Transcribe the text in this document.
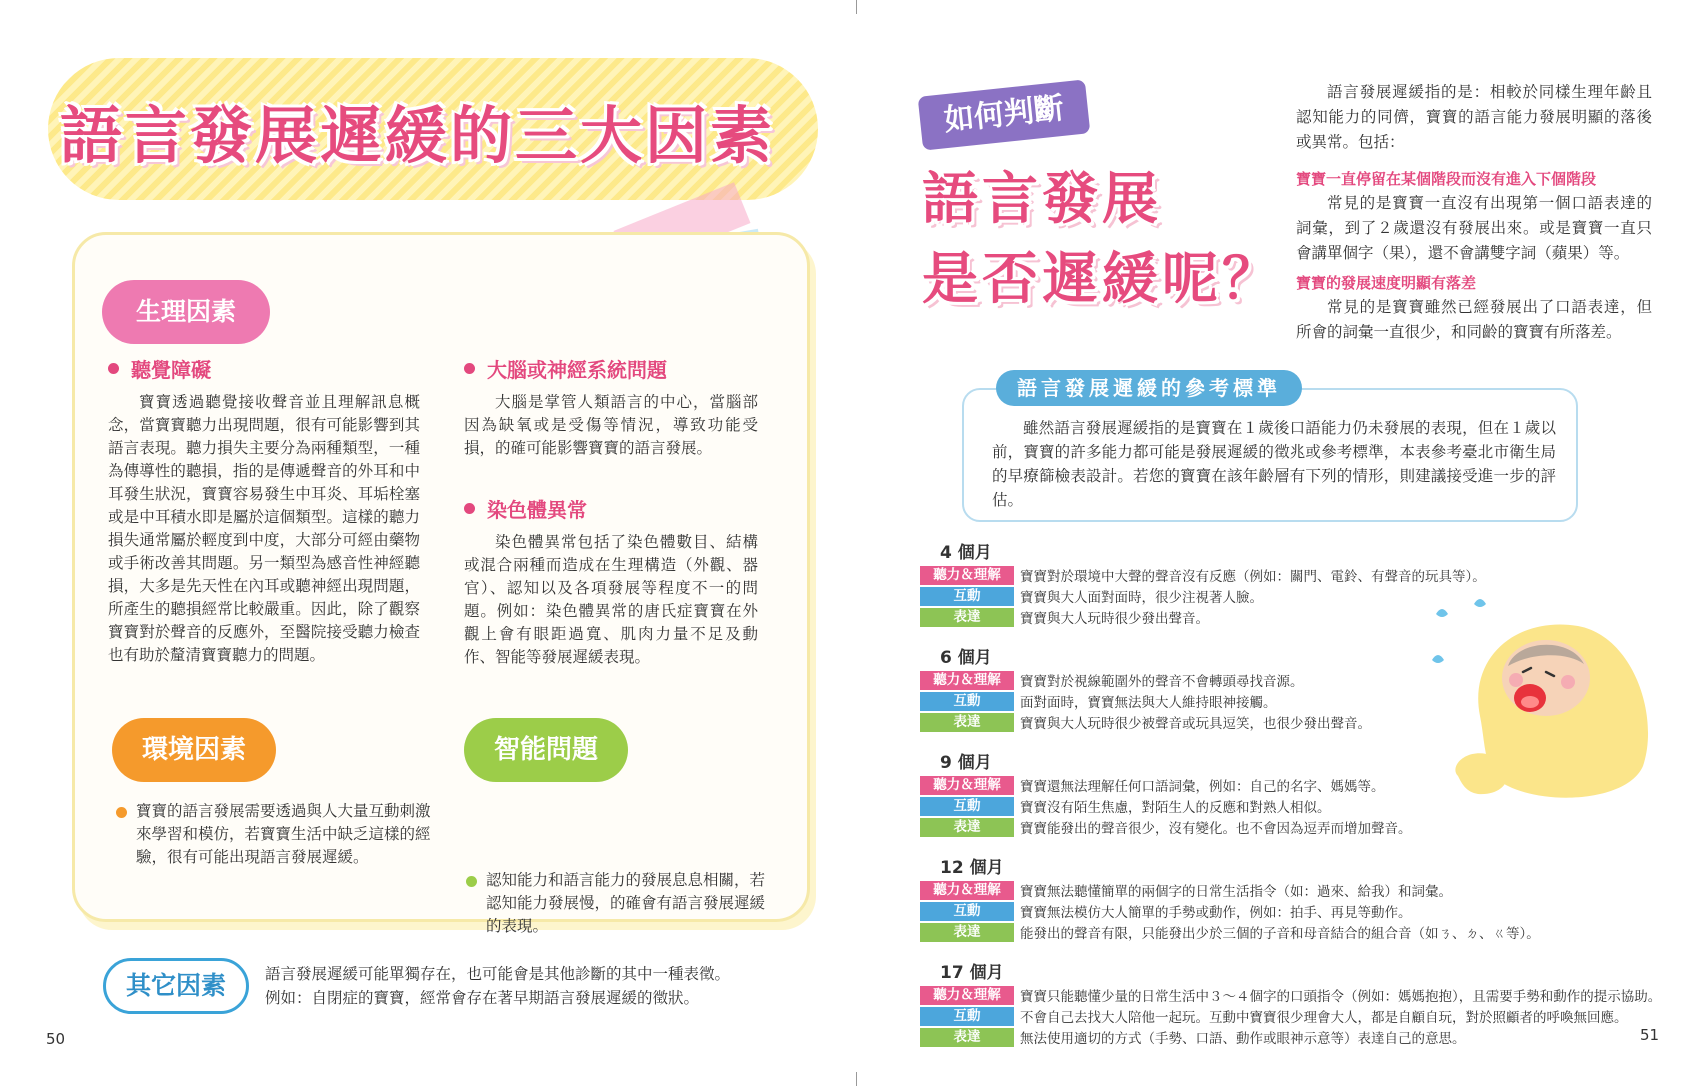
語言發展遲緩的三大因素
生理因素
聽覺障礙
寶寶透過聽覺接收聲音並且理解訊息概念，當寶寶聽力出現問題，很有可能影響到其語言表現。聽力損失主要分為兩種類型，一種為傳導性的聽損，指的是傳遞聲音的外耳和中耳發生狀況，寶寶容易發生中耳炎、耳垢栓塞或是中耳積水即是屬於這個類型。這樣的聽力損失通常屬於輕度到中度，大部分可經由藥物或手術改善其問題。另一類型為感音性神經聽損，大多是先天性在內耳或聽神經出現問題，所產生的聽損經常比較嚴重。因此，除了觀察寶寶對於聲音的反應外，至醫院接受聽力檢查也有助於釐清寶寶聽力的問題。
大腦或神經系統問題
大腦是掌管人類語言的中心，當腦部因為缺氧或是受傷等情況，導致功能受損，的確可能影響寶寶的語言發展。
染色體異常
染色體異常包括了染色體數目、結構或混合兩種而造成在生理構造（外觀、器官）、認知以及各項發展等程度不一的問題。例如：染色體異常的唐氏症寶寶在外觀上會有眼距過寬、肌肉力量不足及動作、智能等發展遲緩表現。
環境因素	智能問題
寶寶的語言發展需要透過與人大量互動刺激來學習和模仿，若寶寶生活中缺乏這樣的經驗，很有可能出現語言發展遲緩。
認知能力和語言能力的發展息息相關，若認知能力發展慢，的確會有語言發展遲緩的表現。
其它因素	語言發展遲緩可能單獨存在，也可能會是其他診斷的其中一種表徵。
例如：自閉症的寶寶，經常會存在著早期語言發展遲緩的徵狀。
50
如何判斷
語言發展
是否遲緩呢？
語言發展遲緩指的是：相較於同樣生理年齡且認知能力的同儕，寶寶的語言能力發展明顯的落後或異常。包括：
寶寶一直停留在某個階段而沒有進入下個階段
常見的是寶寶一直沒有出現第一個口語表達的詞彙，到了２歲還沒有發展出來。或是寶寶一直只會講單個字（果），還不會講雙字詞（蘋果）等。
寶寶的發展速度明顯有落差
常見的是寶寶雖然已經發展出了口語表達，但所會的詞彙一直很少，和同齡的寶寶有所落差。
語言發展遲緩的參考標準
雖然語言發展遲緩指的是寶寶在１歲後口語能力仍未發展的表現，但在１歲以前，寶寶的許多能力都可能是發展遲緩的徵兆或參考標準，本表參考臺北市衛生局的早療篩檢表設計。若您的寶寶在該年齡層有下列的情形，則建議接受進一步的評估。
4 個月
聽力＆理解	寶寶對於環境中大聲的聲音沒有反應（例如：關門、電鈴、有聲音的玩具等）。
互動	寶寶與大人面對面時，很少注視著人臉。
表達	寶寶與大人玩時很少發出聲音。
6 個月
聽力＆理解	寶寶對於視線範圍外的聲音不會轉頭尋找音源。
互動	面對面時，寶寶無法與大人維持眼神接觸。
表達	寶寶與大人玩時很少被聲音或玩具逗笑，也很少發出聲音。
9 個月
聽力＆理解	寶寶還無法理解任何口語詞彙，例如：自己的名字、媽媽等。
互動	寶寶沒有陌生焦慮，對陌生人的反應和對熟人相似。
表達	寶寶能發出的聲音很少，沒有變化。也不會因為逗弄而增加聲音。
12 個月
聽力＆理解	寶寶無法聽懂簡單的兩個字的日常生活指令（如：過來、給我）和詞彙。
互動	寶寶無法模仿大人簡單的手勢或動作，例如：拍手、再見等動作。
表達	能發出的聲音有限，只能發出少於三個的子音和母音結合的組合音（如ㄋ、ㄉ、ㄍ等）。
17 個月
聽力＆理解	寶寶只能聽懂少量的日常生活中３～４個字的口頭指令（例如：媽媽抱抱），且需要手勢和動作的提示協助。
互動	不會自己去找大人陪他一起玩。互動中寶寶很少理會大人，都是自顧自玩，對於照顧者的呼喚無回應。
表達	無法使用適切的方式（手勢、口語、動作或眼神示意等）表達自己的意思。	51
